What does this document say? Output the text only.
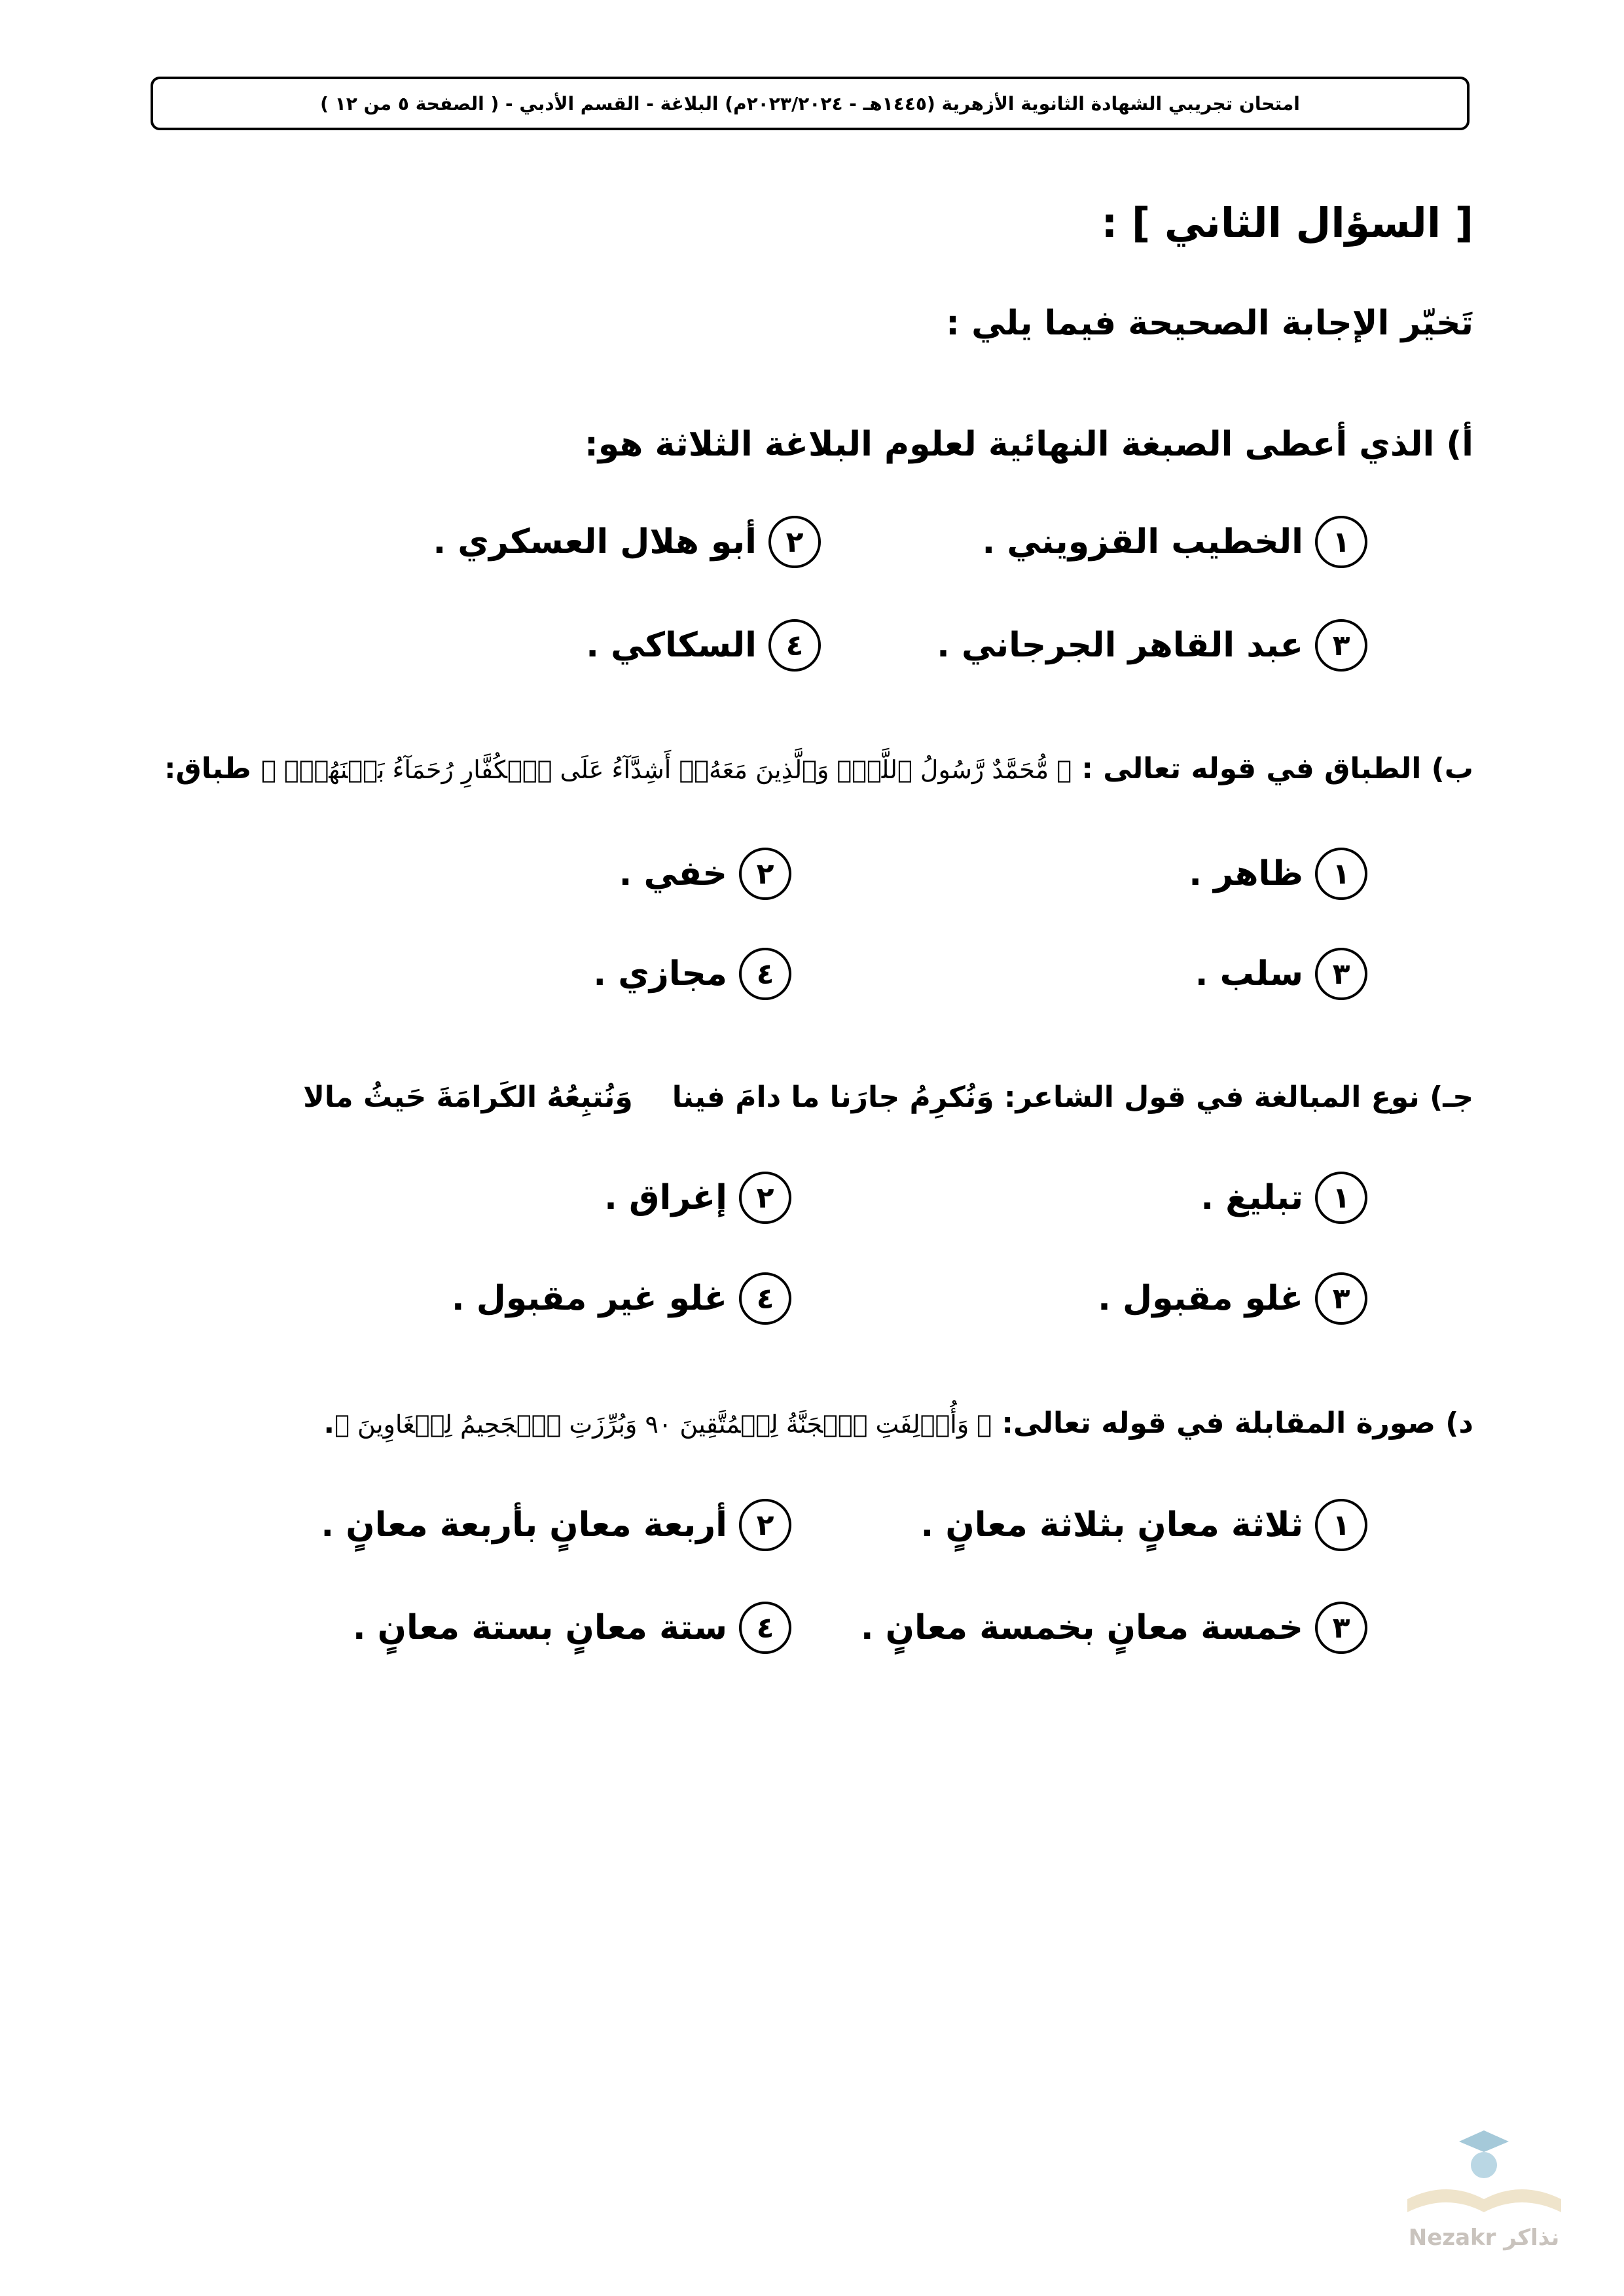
امتحان تجريبي الشهادة الثانوية الأزهرية (١٤٤٥هـ - ٢٠٢٣/٢٠٢٤م) البلاغة - القسم الأدبي - ( الصفحة ٥ من ١٢ )
[ السؤال الثاني ] :
تَخيّر الإجابة الصحيحة فيما يلي :
أ) الذي أعطى الصبغة النهائية لعلوم البلاغة الثلاثة هو:
١
الخطيب القزويني .
٢
أبو هلال العسكري .
٣
عبد القاهر الجرجاني .
٤
السكاكي .
ب) الطباق في قوله تعالى : ﴿ مُّحَمَّدٌ رَّسُولُ ٱللَّهِۚ وَٱلَّذِينَ مَعَهُۥٓ أَشِدَّآءُ عَلَى ٱلۡكُفَّارِ رُحَمَآءُ بَيۡنَهُمۡۖ ﴾ طباق:
١
ظاهر .
٢
خفي .
٣
سلب .
٤
مجازي .
جـ) نوع المبالغة في قول الشاعر: وَنُكرِمُ جارَنا ما دامَ فيناوَنُتبِعُهُ الكَرامَةَ حَيثُ مالا
١
تبليغ .
٢
إغراق .
٣
غلو مقبول .
٤
غلو غير مقبول .
د) صورة المقابلة في قوله تعالى: ﴿ وَأُزۡلِفَتِ ٱلۡجَنَّةُ لِلۡمُتَّقِينَ ٩٠ وَبُرِّزَتِ ٱلۡجَحِيمُ لِلۡغَاوِينَ ﴾.
١
ثلاثة معانٍ بثلاثة معانٍ .
٢
أربعة معانٍ بأربعة معانٍ .
٣
خمسة معانٍ بخمسة معانٍ .
٤
ستة معانٍ بستة معانٍ .
Nezakr نذاكر
